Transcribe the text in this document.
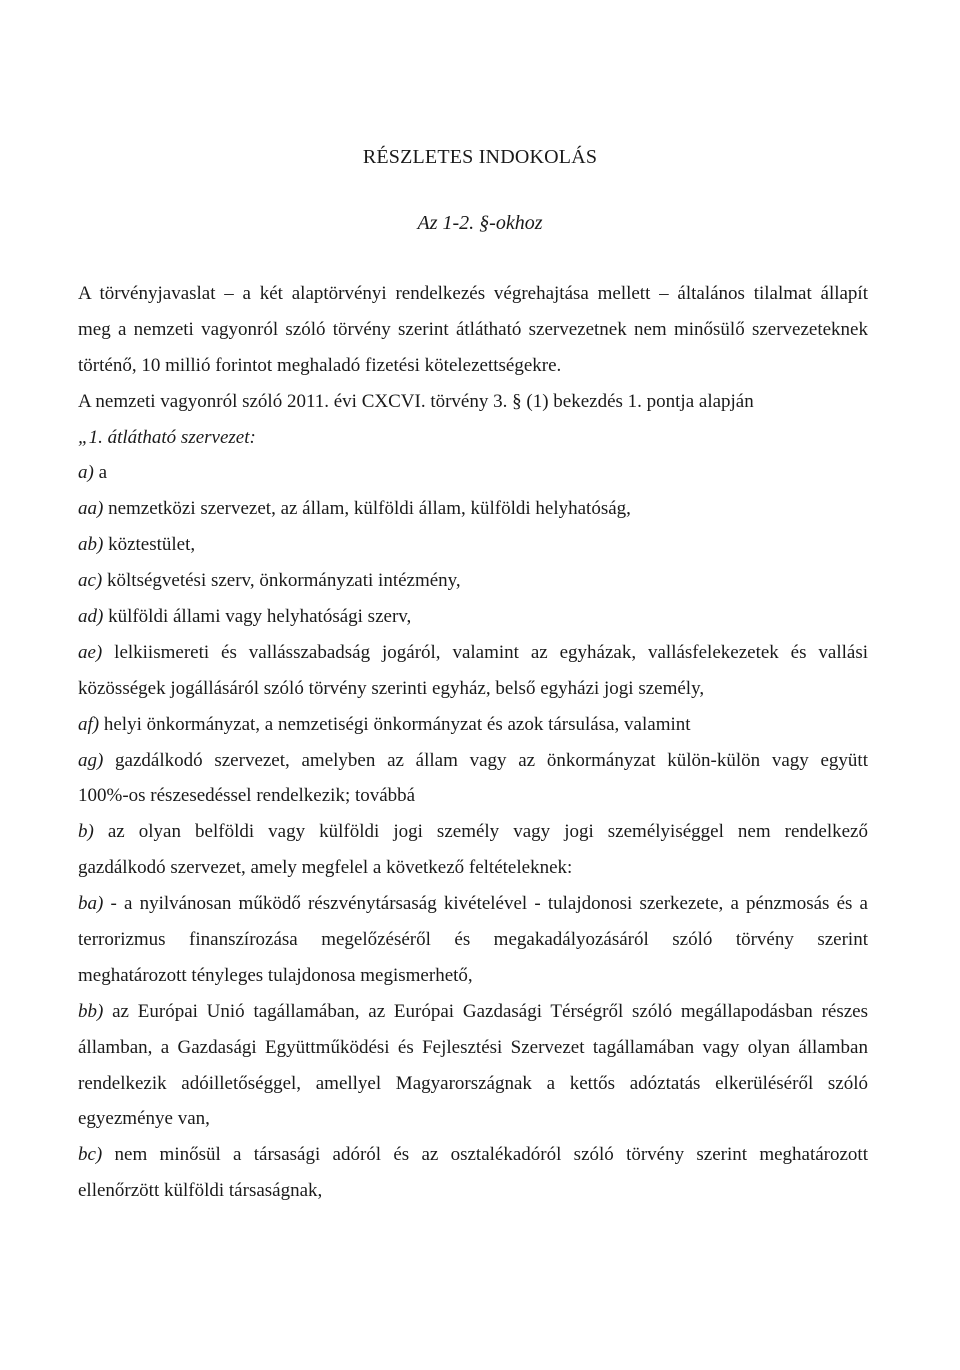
RÉSZLETES INDOKOLÁS
Az 1-2. §-okhoz
A törvényjavaslat – a két alaptörvényi rendelkezés végrehajtása mellett – általános tilalmat állapít
meg a nemzeti vagyonról szóló törvény szerint átlátható szervezetnek nem minősülő szervezeteknek
történő, 10 millió forintot meghaladó fizetési kötelezettségekre.
A nemzeti vagyonról szóló 2011. évi CXCVI. törvény 3. § (1) bekezdés 1. pontja alapján
„1. átlátható szervezet:
a) a
aa) nemzetközi szervezet, az állam, külföldi állam, külföldi helyhatóság,
ab) köztestület,
ac) költségvetési szerv, önkormányzati intézmény,
ad) külföldi állami vagy helyhatósági szerv,
ae) lelkiismereti és vallásszabadság jogáról, valamint az egyházak, vallásfelekezetek és vallási
közösségek jogállásáról szóló törvény szerinti egyház, belső egyházi jogi személy,
af) helyi önkormányzat, a nemzetiségi önkormányzat és azok társulása, valamint
ag) gazdálkodó szervezet, amelyben az állam vagy az önkormányzat külön-külön vagy együtt
100%-os részesedéssel rendelkezik; továbbá
b) az olyan belföldi vagy külföldi jogi személy vagy jogi személyiséggel nem rendelkező
gazdálkodó szervezet, amely megfelel a következő feltételeknek:
ba) - a nyilvánosan működő részvénytársaság kivételével - tulajdonosi szerkezete, a pénzmosás és a
terrorizmus finanszírozása megelőzéséről és megakadályozásáról szóló törvény szerint
meghatározott tényleges tulajdonosa megismerhető,
bb) az Európai Unió tagállamában, az Európai Gazdasági Térségről szóló megállapodásban részes
államban, a Gazdasági Együttműködési és Fejlesztési Szervezet tagállamában vagy olyan államban
rendelkezik adóilletőséggel, amellyel Magyarországnak a kettős adóztatás elkerüléséről szóló
egyezménye van,
bc) nem minősül a társasági adóról és az osztalékadóról szóló törvény szerint meghatározott
ellenőrzött külföldi társaságnak,
